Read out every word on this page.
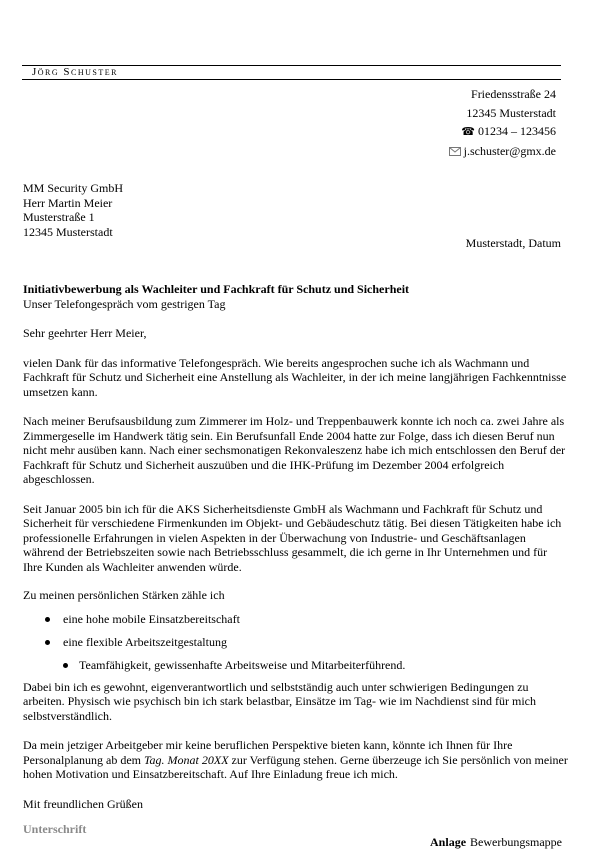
Jörg Schuster
Friedensstraße 24
12345 Musterstadt
☎ 01234 – 123456
j.schuster@gmx.de
MM Security GmbH
Herr Martin Meier
Musterstraße 1
12345 Musterstadt
Musterstadt, Datum
Initiativbewerbung als Wachleiter und Fachkraft für Schutz und Sicherheit
Unser Telefongespräch vom gestrigen Tag

Sehr geehrter Herr Meier,

vielen Dank für das informative Telefongespräch. Wie bereits angesprochen suche ich als Wachmann und Fachkraft für Schutz und Sicherheit eine Anstellung als Wachleiter, in der ich meine langjährigen Fachkenntnisse umsetzen kann.

Nach meiner Berufsausbildung zum Zimmerer im Holz- und Treppenbauwerk konnte ich noch ca. zwei Jahre als Zimmergeselle im Handwerk tätig sein. Ein Berufsunfall Ende 2004 hatte zur Folge, dass ich diesen Beruf nun nicht mehr ausüben kann. Nach einer sechsmonatigen Rekonvaleszenz habe ich mich entschlossen den Beruf der Fachkraft für Schutz und Sicherheit auszuüben und die IHK-Prüfung im Dezember 2004 erfolgreich abgeschlossen.

Seit Januar 2005 bin ich für die AKS Sicherheitsdienste GmbH als Wachmann und Fachkraft für Schutz und Sicherheit für verschiedene Firmenkunden im Objekt- und Gebäudeschutz tätig. Bei diesen Tätigkeiten habe ich professionelle Erfahrungen in vielen Aspekten in der Überwachung von Industrie- und Geschäftsanlagen während der Betriebszeiten sowie nach Betriebsschluss gesammelt, die ich gerne in Ihr Unternehmen und für Ihre Kunden als Wachleiter anwenden würde.

Zu meinen persönlichen Stärken zähle ich

eine hohe mobile Einsatzbereitschaft
eine flexible Arbeitszeitgestaltung
Teamfähigkeit, gewissenhafte Arbeitsweise und Mitarbeiterführend.

Dabei bin ich es gewohnt, eigenverantwortlich und selbstständig auch unter schwierigen Bedingungen zu arbeiten. Physisch wie psychisch bin ich stark belastbar, Einsätze im Tag- wie im Nachdienst sind für mich selbstverständlich.

Da mein jetziger Arbeitgeber mir keine beruflichen Perspektive bieten kann, könnte ich Ihnen für Ihre Personalplanung ab dem Tag. Monat 20XX zur Verfügung stehen. Gerne überzeuge ich Sie persönlich von meiner hohen Motivation und Einsatzbereitschaft. Auf Ihre Einladung freue ich mich.

Mit freundlichen Grüßen

Unterschrift
Anlage Bewerbungsmappe
